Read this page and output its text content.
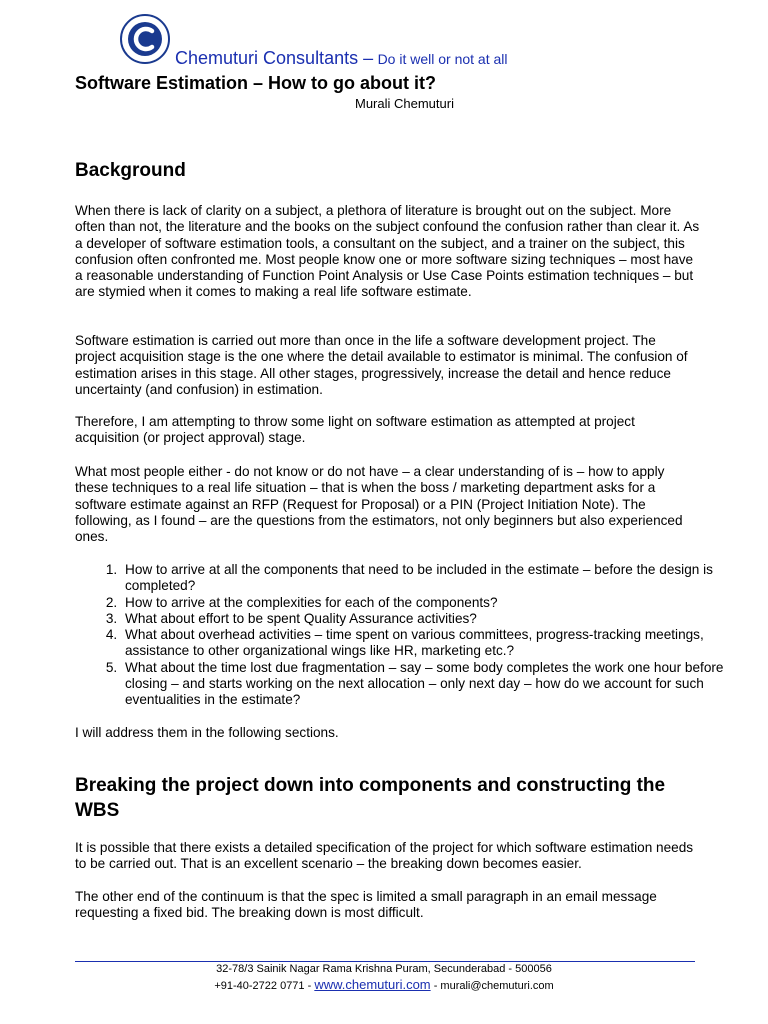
Chemuturi Consultants – Do it well or not at all
Software Estimation – How to go about it?
Murali Chemuturi
Background

When there is lack of clarity on a subject, a plethora of literature is brought out on the subject. More often than not, the literature and the books on the subject confound the confusion rather than clear it. As a developer of software estimation tools, a consultant on the subject, and a trainer on the subject, this confusion often confronted me. Most people know one or more software sizing techniques – most have a reasonable understanding of Function Point Analysis or Use Case Points estimation techniques – but are stymied when it comes to making a real life software estimate.

Software estimation is carried out more than once in the life a software development project. The project acquisition stage is the one where the detail available to estimator is minimal. The confusion of estimation arises in this stage. All other stages, progressively, increase the detail and hence reduce uncertainty (and confusion) in estimation.

Therefore, I am attempting to throw some light on software estimation as attempted at project acquisition (or project approval) stage.

What most people either - do not know or do not have – a clear understanding of is – how to apply these techniques to a real life situation – that is when the boss / marketing department asks for a software estimate against an RFP (Request for Proposal) or a PIN (Project Initiation Note). The following, as I found – are the questions from the estimators, not only beginners but also experienced ones.

1. How to arrive at all the components that need to be included in the estimate – before the design is completed?
2. How to arrive at the complexities for each of the components?
3. What about effort to be spent Quality Assurance activities?
4. What about overhead activities – time spent on various committees, progress-tracking meetings, assistance to other organizational wings like HR, marketing etc.?
5. What about the time lost due fragmentation – say – some body completes the work one hour before closing – and starts working on the next allocation – only next day – how do we account for such eventualities in the estimate?

I will address them in the following sections.

Breaking the project down into components and constructing the WBS

It is possible that there exists a detailed specification of the project for which software estimation needs to be carried out. That is an excellent scenario – the breaking down becomes easier.

The other end of the continuum is that the spec is limited a small paragraph in an email message requesting a fixed bid. The breaking down is most difficult.

32-78/3 Sainik Nagar Rama Krishna Puram, Secunderabad - 500056
+91-40-2722 0771 - www.chemuturi.com - murali@chemuturi.com
